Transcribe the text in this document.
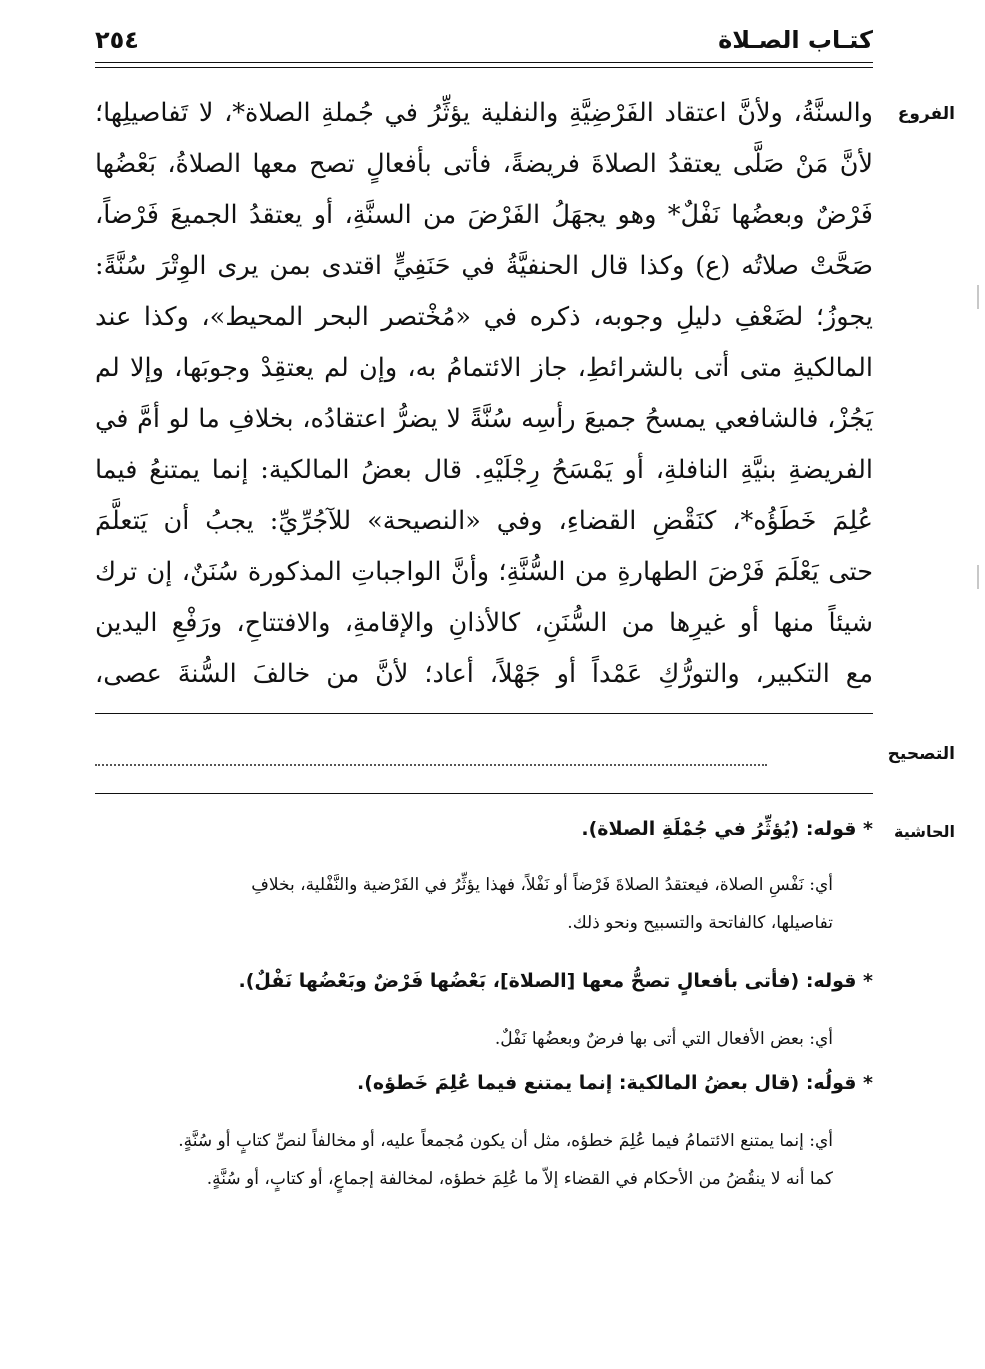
كتـاب الصـلاة
٢٥٤
الفروع

والسنَّةُ، ولأنَّ اعتقاد الفَرْضِيَّةِ والنفلية يؤثِّرُ في جُملةِ الصلاة*، لا تَفاصيلِها؛

لأنَّ مَنْ صَلَّى يعتقدُ الصلاةَ فريضةً، فأتى بأفعالٍ تصح معها الصلاةُ، بَعْضُها

فَرْضٌ وبعضُها نَفْلٌ* وهو يجهَلُ الفَرْضَ من السنَّةِ، أو يعتقدُ الجميعَ فَرْضاً،

صَحَّتْ صلاتُه (ع) وكذا قال الحنفيَّةُ في حَنَفِيٍّ اقتدى بمن يرى الوِتْرَ سُنَّةً:

يجوزُ؛ لضَعْفِ دليلِ وجوبه، ذكره في «مُخْتصر البحر المحيط»، وكذا عند

المالكيةِ متى أتى بالشرائطِ، جاز الائتمامُ به، وإن لم يعتقِدْ وجوبَها، وإلا لم

يَجُزْ، فالشافعي يمسحُ جميعَ رأسِه سُنَّةً لا يضرُّ اعتقادُه، بخلافِ ما لو أمَّ في

الفريضةِ بنيَّةِ النافلةِ، أو يَمْسَحُ رِجْلَيْهِ. قال بعضُ المالكية: إنما يمتنعُ فيما

عُلِمَ خَطَؤُه*، كنَقْضِ القضاءِ، وفي «النصيحة» للآجُرِّيِّ: يجبُ أن يَتعلَّمَ

حتى يَعْلَمَ فَرْضَ الطهارةِ من السُّنَّةِ؛ وأنَّ الواجباتِ المذكورة سُنَنٌ، إن ترك

شيئاً منها أو غيرِها من السُّنَنِ، كالأذانِ والإقامةِ، والافتتاحِ، ورَفْعِ اليدين

مع التكبير، والتورُّكِ عَمْداً أو جَهْلاً، أعاد؛ لأنَّ من خالفَ السُّنةَ عصى،

التصحيح
الحاشية
* قوله: (يُؤثِّرُ في جُمْلَةِ الصلاة).

أي: نَفْسِ الصلاة، فيعتقدُ الصلاةَ فَرْضاً أو نَفْلاً، فهذا يؤثِّرُ في الفَرْضية والنَّفْلية، بخلافِ

تفاصيلها، كالفاتحة والتسبيح ونحو ذلك.

* قوله: (فأتى بأفعالٍ تصحُّ معها [الصلاة]، بَعْضُها فَرْضٌ وبَعْضُها نَفْلٌ).

أي: بعض الأفعال التي أتى بها فرضٌ وبعضُها نَفْلٌ.

* قولُه: (قال بعضُ المالكية: إنما يمتنع فيما عُلِمَ خَطؤه).

أي: إنما يمتنع الائتمامُ فيما عُلِمَ خطؤه، مثل أن يكون مُجمعاً عليه، أو مخالفاً لنصِّ كتابٍ أو سُنَّةٍ.

كما أنه لا ينقُضُ من الأحكام في القضاء إلاّ ما عُلِمَ خطؤه، لمخالفة إجماعٍ، أو كتابٍ، أو سُنَّةٍ.
